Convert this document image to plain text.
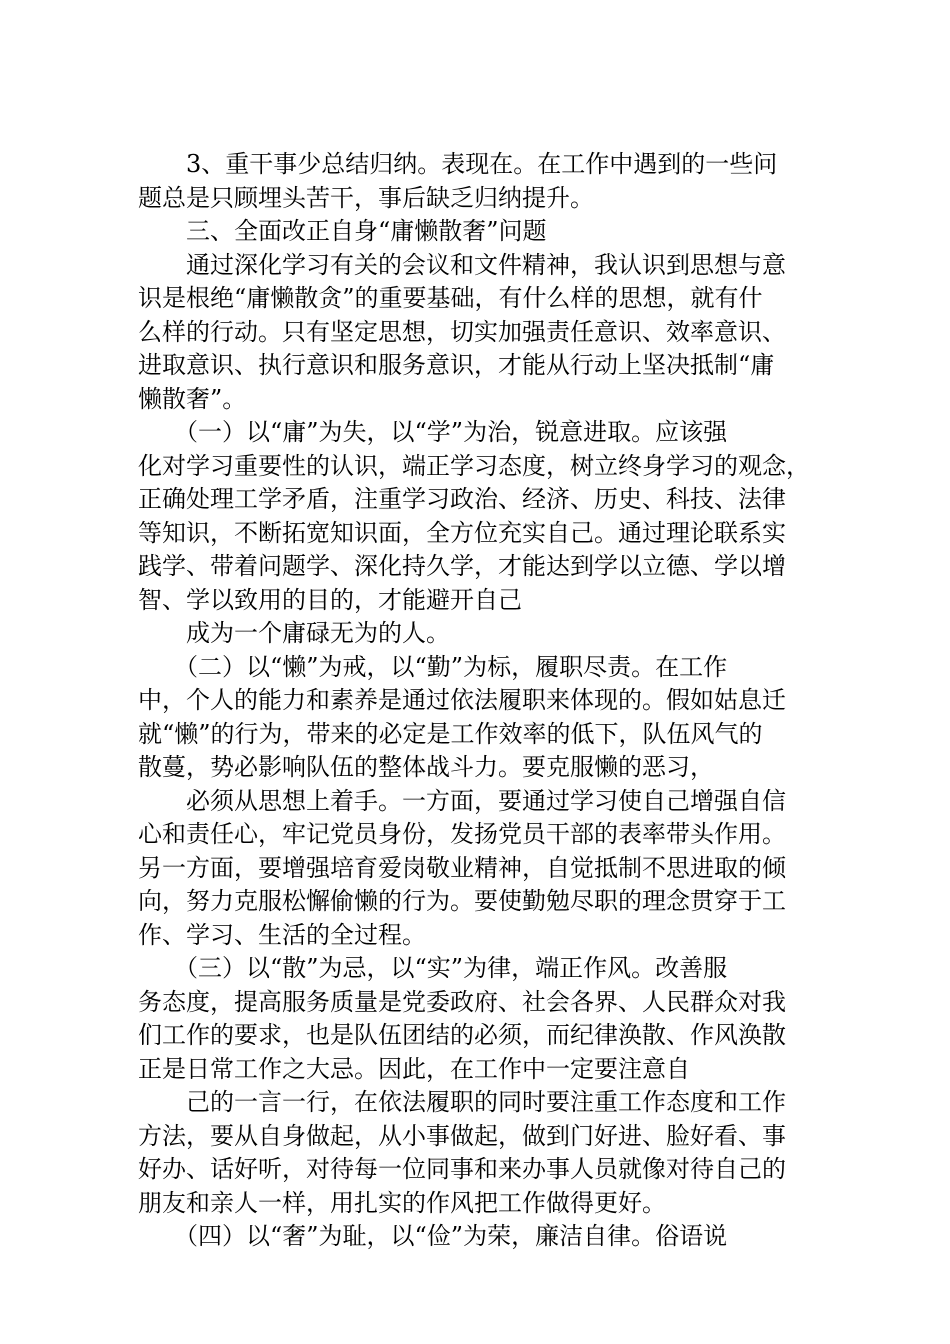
3、重干事少总结归纳。表现在。在工作中遇到的一些问
题总是只顾埋头苦干，事后缺乏归纳提升。
三、全面改正自身“庸懒散奢”问题
通过深化学习有关的会议和文件精神，我认识到思想与意
识是根绝“庸懒散贪”的重要基础，有什么样的思想，就有什
么样的行动。只有坚定思想，切实加强责任意识、效率意识、
进取意识、执行意识和服务意识，才能从行动上坚决抵制“庸
懒散奢”。
（一）以“庸”为失，以“学”为治，锐意进取。应该强
化对学习重要性的认识，端正学习态度，树立终身学习的观念，
正确处理工学矛盾，注重学习政治、经济、历史、科技、法律
等知识，不断拓宽知识面，全方位充实自己。通过理论联系实
践学、带着问题学、深化持久学，才能达到学以立德、学以增
智、学以致用的目的，才能避开自己
成为一个庸碌无为的人。
（二）以“懒”为戒，以“勤”为标，履职尽责。在工作
中，个人的能力和素养是通过依法履职来体现的。假如姑息迁
就“懒”的行为，带来的必定是工作效率的低下，队伍风气的
散蔓，势必影响队伍的整体战斗力。要克服懒的恶习，
必须从思想上着手。一方面，要通过学习使自己增强自信
心和责任心，牢记党员身份，发扬党员干部的表率带头作用。
另一方面，要增强培育爱岗敬业精神，自觉抵制不思进取的倾
向，努力克服松懈偷懒的行为。要使勤勉尽职的理念贯穿于工
作、学习、生活的全过程。
（三）以“散”为忌，以“实”为律，端正作风。改善服
务态度，提高服务质量是党委政府、社会各界、人民群众对我
们工作的要求，也是队伍团结的必须，而纪律涣散、作风涣散
正是日常工作之大忌。因此，在工作中一定要注意自
己的一言一行，在依法履职的同时要注重工作态度和工作
方法，要从自身做起，从小事做起，做到门好进、脸好看、事
好办、话好听，对待每一位同事和来办事人员就像对待自己的
朋友和亲人一样，用扎实的作风把工作做得更好。
（四）以“奢”为耻，以“俭”为荣，廉洁自律。俗语说
